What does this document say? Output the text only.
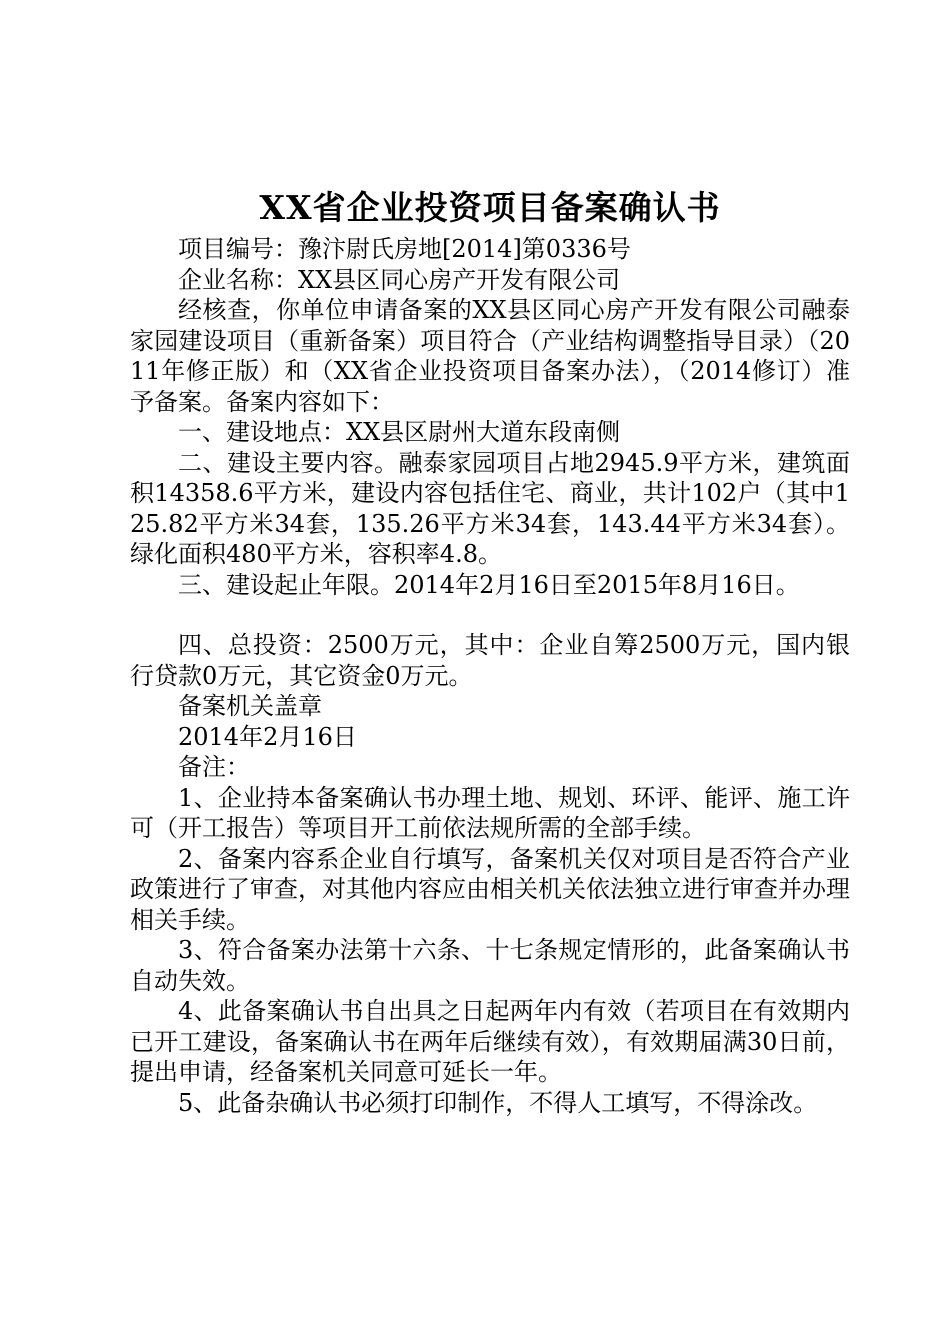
XX省企业投资项目备案确认书

项目编号：豫汴尉氏房地[2014]第0336号

企业名称：XX县区同心房产开发有限公司

经核查，你单位申请备案的XX县区同心房产开发有限公司融泰家园建设项目（重新备案）项目符合（产业结构调整指导目录）（2011年修正版）和（XX省企业投资项目备案办法），（2014修订）准予备案。备案内容如下：

一、建设地点：XX县区尉州大道东段南侧

二、建设主要内容。融泰家园项目占地2945.9平方米，建筑面积14358.6平方米，建设内容包括住宅、商业，共计102户（其中125.82平方米34套，135.26平方米34套，143.44平方米34套）。绿化面积480平方米，容积率4.8。

三、建设起止年限。2014年2月16日至2015年8月16日。

四、总投资：2500万元，其中：企业自筹2500万元，国内银行贷款0万元，其它资金0万元。

备案机关盖章

2014年2月16日

备注：

1、企业持本备案确认书办理土地、规划、环评、能评、施工许可（开工报告）等项目开工前依法规所需的全部手续。

2、备案内容系企业自行填写，备案机关仅对项目是否符合产业政策进行了审查，对其他内容应由相关机关依法独立进行审查并办理相关手续。

3、符合备案办法第十六条、十七条规定情形的，此备案确认书自动失效。

4、此备案确认书自出具之日起两年内有效（若项目在有效期内已开工建设，备案确认书在两年后继续有效），有效期届满30日前，提出申请，经备案机关同意可延长一年。

5、此备杂确认书必须打印制作，不得人工填写，不得涂改。
